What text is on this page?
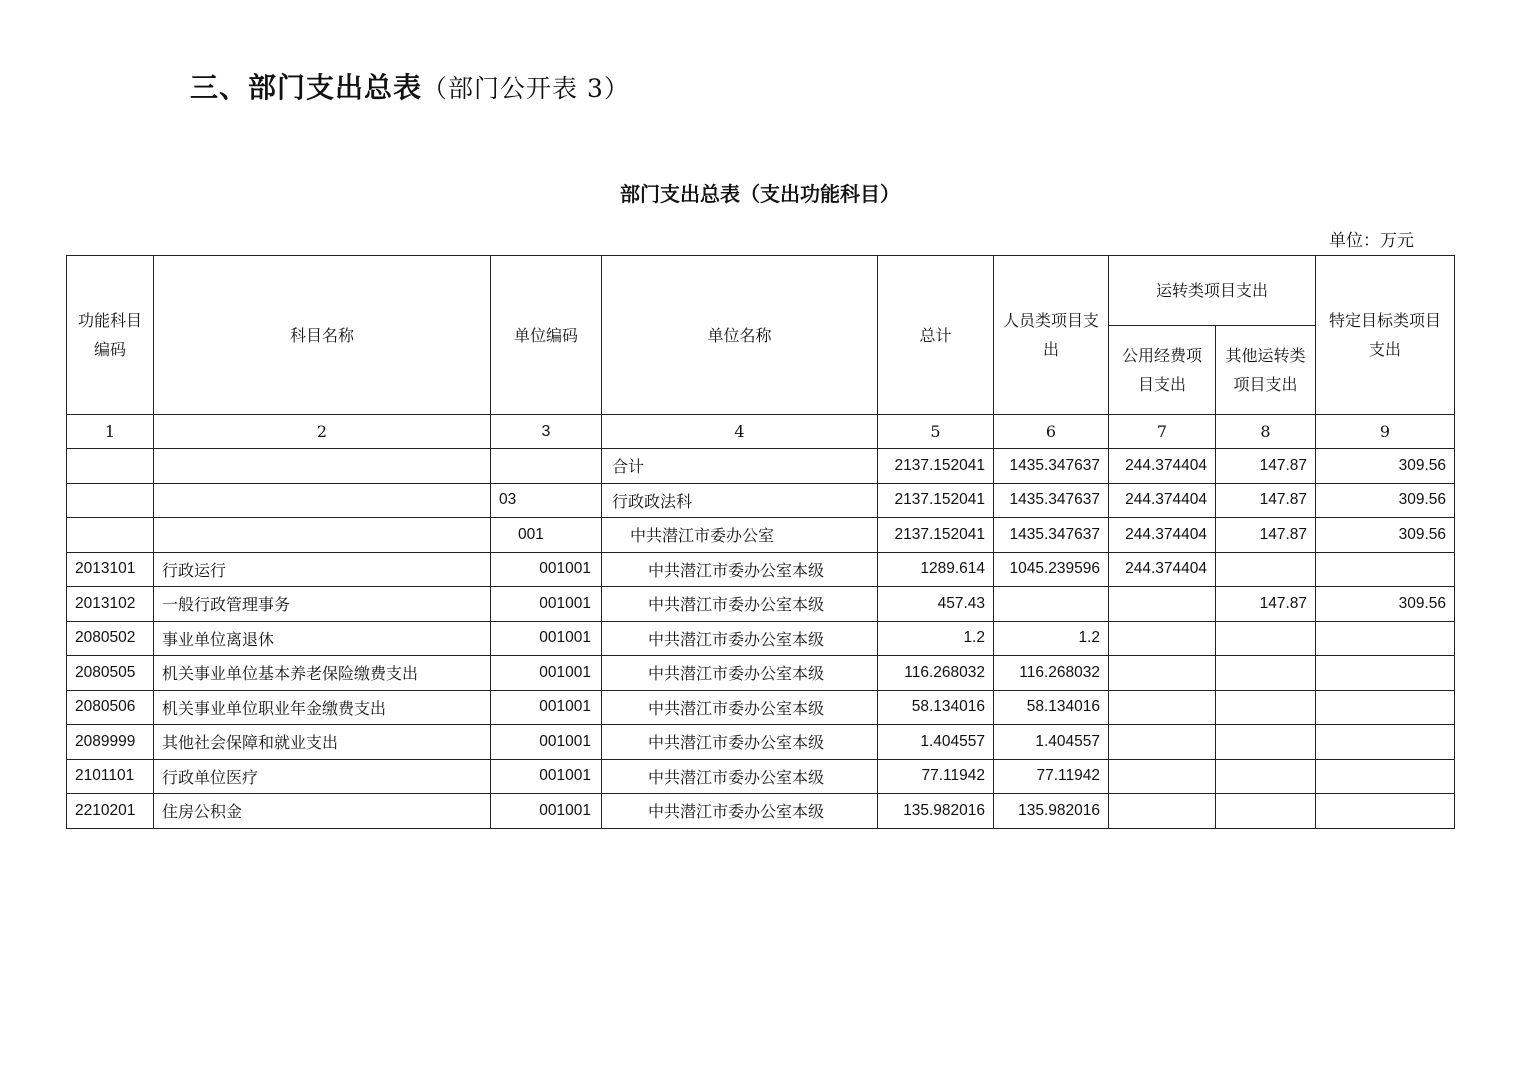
三、部门支出总表（部门公开表 3）
部门支出总表（支出功能科目）
单位：万元
功能科目编码	科目名称	单位编码	单位名称	总计	人员类项目支出	运转类项目支出		特定目标类项目支出
						公用经费项目支出	其他运转类项目支出	
1	2	3	4	5	6	7	8	9
			合计	2137.152041	1435.347637	244.374404	147.87	309.56
		03	行政政法科	2137.152041	1435.347637	244.374404	147.87	309.56
		001	中共潜江市委办公室	2137.152041	1435.347637	244.374404	147.87	309.56
2013101	行政运行	001001	中共潜江市委办公室本级	1289.614	1045.239596	244.374404		
2013102	一般行政管理事务	001001	中共潜江市委办公室本级	457.43			147.87	309.56
2080502	事业单位离退休	001001	中共潜江市委办公室本级	1.2	1.2			
2080505	机关事业单位基本养老保险缴费支出	001001	中共潜江市委办公室本级	116.268032	116.268032			
2080506	机关事业单位职业年金缴费支出	001001	中共潜江市委办公室本级	58.134016	58.134016			
2089999	其他社会保障和就业支出	001001	中共潜江市委办公室本级	1.404557	1.404557			
2101101	行政单位医疗	001001	中共潜江市委办公室本级	77.11942	77.11942			
2210201	住房公积金	001001	中共潜江市委办公室本级	135.982016	135.982016			
